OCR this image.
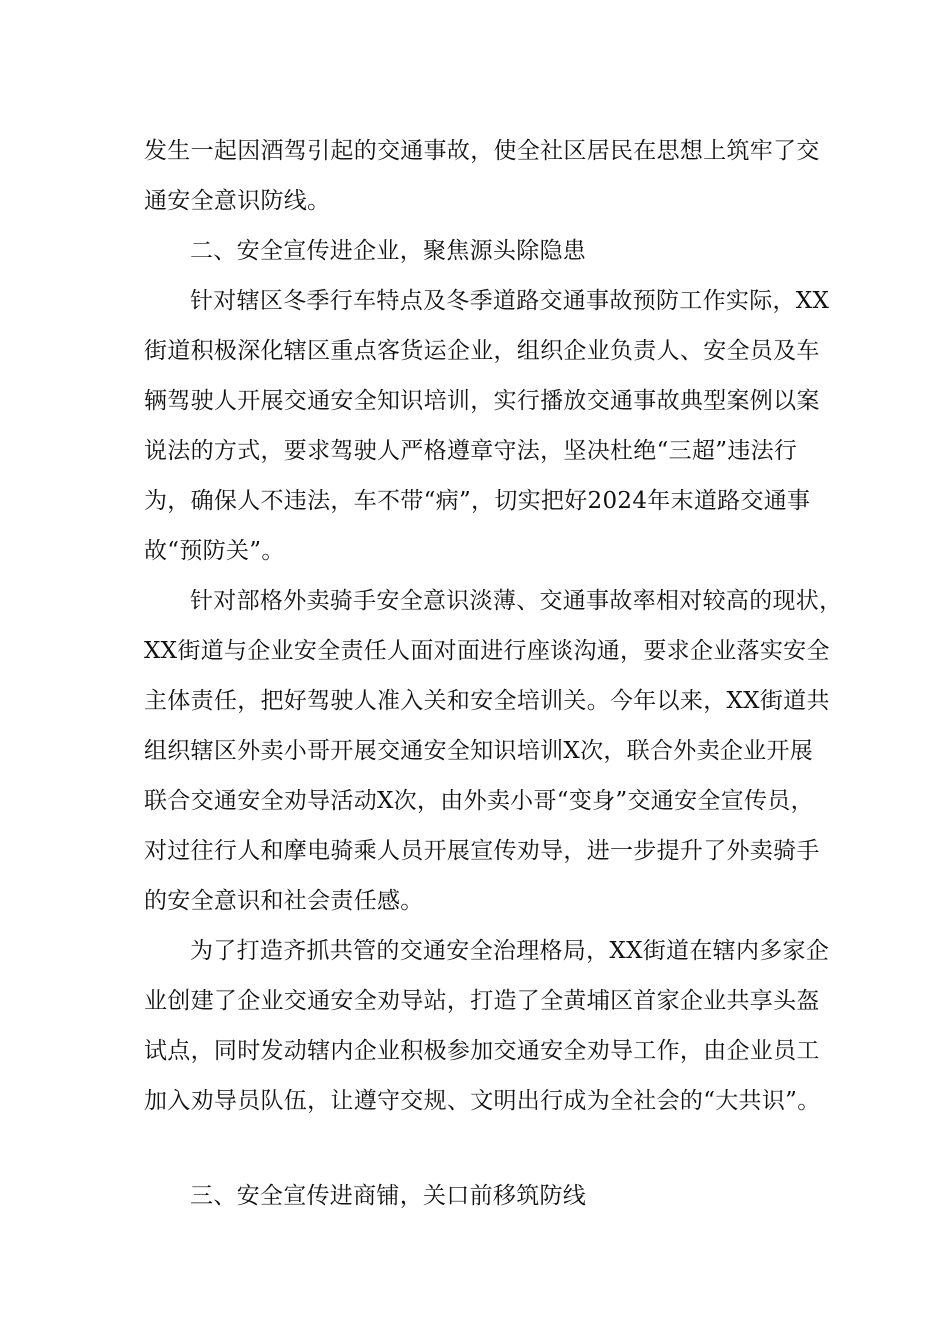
发生一起因酒驾引起的交通事故，使全社区居民在思想上筑牢了交
通安全意识防线。
二、安全宣传进企业，聚焦源头除隐患
针对辖区冬季行车特点及冬季道路交通事故预防工作实际，XX
街道积极深化辖区重点客货运企业，组织企业负责人、安全员及车
辆驾驶人开展交通安全知识培训，实行播放交通事故典型案例以案
说法的方式，要求驾驶人严格遵章守法，坚决杜绝“三超”违法行
为，确保人不违法，车不带“病”，切实把好2024年末道路交通事
故“预防关”。
针对部格外卖骑手安全意识淡薄、交通事故率相对较高的现状，
XX街道与企业安全责任人面对面进行座谈沟通，要求企业落实安全
主体责任，把好驾驶人准入关和安全培训关。今年以来，XX街道共
组织辖区外卖小哥开展交通安全知识培训X次，联合外卖企业开展
联合交通安全劝导活动X次，由外卖小哥“变身”交通安全宣传员，
对过往行人和摩电骑乘人员开展宣传劝导，进一步提升了外卖骑手
的安全意识和社会责任感。
为了打造齐抓共管的交通安全治理格局，XX街道在辖内多家企
业创建了企业交通安全劝导站，打造了全黄埔区首家企业共享头盔
试点，同时发动辖内企业积极参加交通安全劝导工作，由企业员工
加入劝导员队伍，让遵守交规、文明出行成为全社会的“大共识”。
三、安全宣传进商铺，关口前移筑防线
